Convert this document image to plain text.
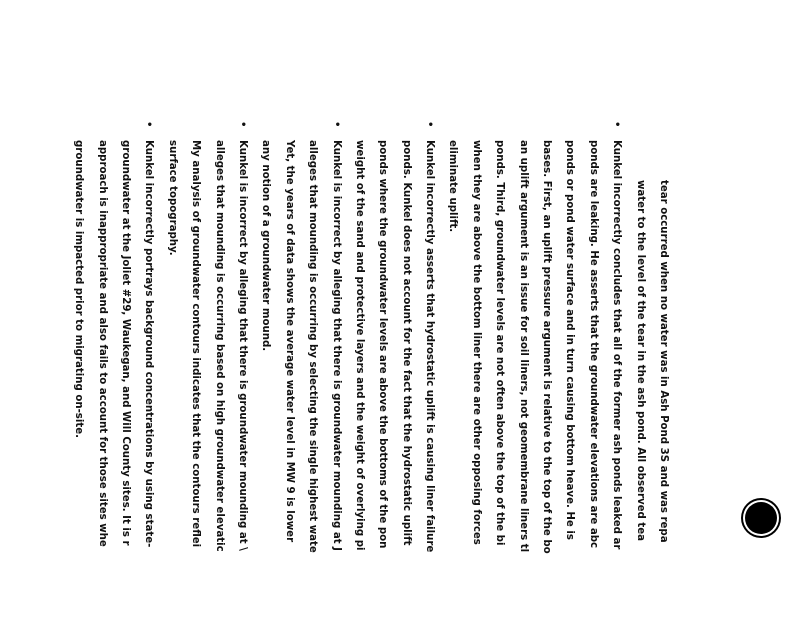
tear occurred when no water was in Ash Pond 3S and was repa
water to the level of the tear in the ash pond. All observed tea
•
Kunkel incorrectly concludes that all of the former ash ponds leaked ar
ponds are leaking. He asserts that the groundwater elevations are abc
ponds or pond water surface and in turn causing bottom heave. He is
bases. First, an uplift pressure argument is relative to the top of the bo
an uplift argument is an issue for soil liners, not geomembrane liners tl
ponds. Third, groundwater levels are not often above the top of the bi
when they are above the bottom liner there are other opposing forces
eliminate uplift.
•
Kunkel incorrectly asserts that hydrostatic uplift is causing liner failure
ponds. Kunkel does not account for the fact that the hydrostatic uplift
ponds where the groundwater levels are above the bottoms of the pon
weight of the sand and protective layers and the weight of overlying pi
•
Kunkel is incorrect by alleging that there is groundwater mounding at J
alleges that mounding is occurring by selecting the single highest wate
Yet, the years of data shows the average water level in MW 9 is lower
any notion of a groundwater mound.
•
Kunkel is incorrect by alleging that there is groundwater mounding at \
alleges that mounding is occurring based on high groundwater elevatic
My analysis of groundwater contours indicates that the contours reflei
surface topography.
•
Kunkel incorrectly portrays background concentrations by using state-
groundwater at the Joliet #29, Waukegan, and Will County sites. It is r
approach is inappropriate and also fails to account for those sites whe
groundwater is impacted prior to migrating on-site.
